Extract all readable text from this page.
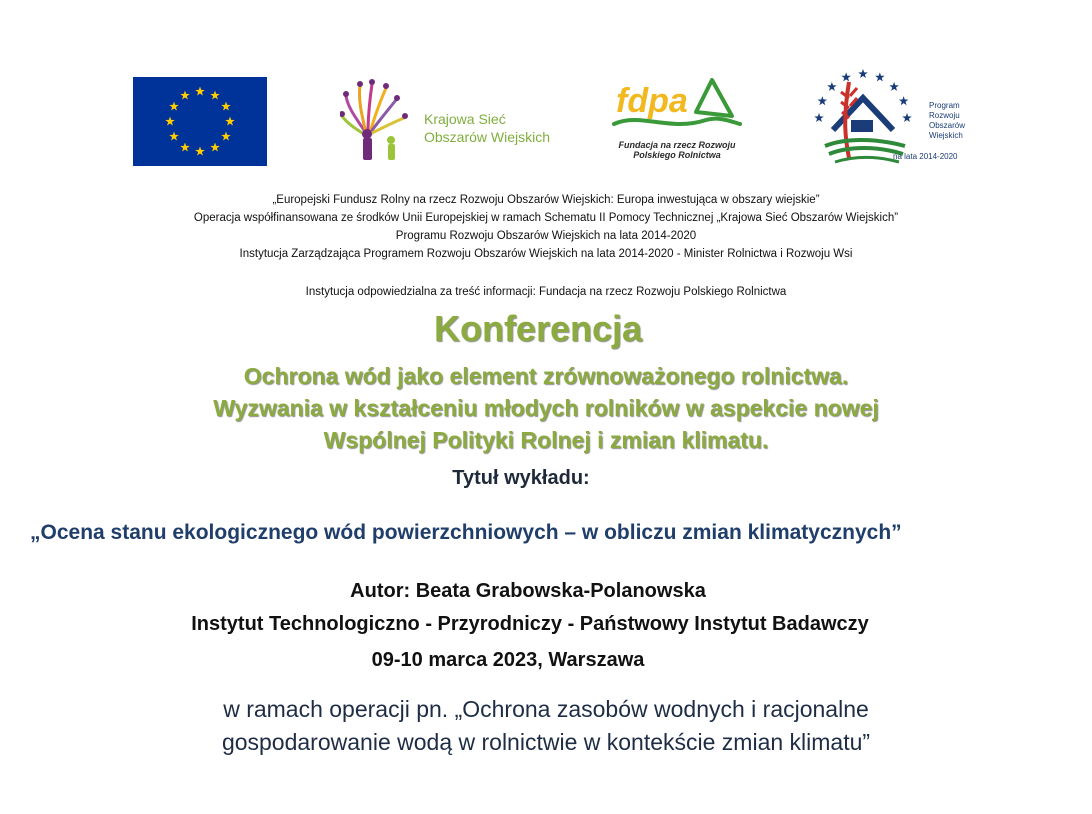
Krajowa Sieć
Obszarów Wiejskich
fdpa
Fundacja na rzecz Rozwoju
Polskiego Rolnictwa
Program
Rozwoju
Obszarów
Wiejskich
na lata 2014-2020
„Europejski Fundusz Rolny na rzecz Rozwoju Obszarów Wiejskich: Europa inwestująca w obszary wiejskie”
Operacja współfinansowana ze środków Unii Europejskiej w ramach Schematu II Pomocy Technicznej „Krajowa Sieć Obszarów Wiejskich”
Programu Rozwoju Obszarów Wiejskich na lata 2014-2020
Instytucja Zarządzająca Programem Rozwoju Obszarów Wiejskich na lata 2014-2020 - Minister Rolnictwa i Rozwoju Wsi
Instytucja odpowiedzialna za treść informacji: Fundacja na rzecz Rozwoju Polskiego Rolnictwa
Konferencja
Ochrona wód jako element zrównoważonego rolnictwa.
Wyzwania w kształceniu młodych rolników w aspekcie nowej
Wspólnej Polityki Rolnej i zmian klimatu.
Tytuł wykładu:
„Ocena stanu ekologicznego wód powierzchniowych – w obliczu zmian klimatycznych”
Autor: Beata Grabowska-Polanowska
Instytut Technologiczno - Przyrodniczy - Państwowy Instytut Badawczy
09-10 marca 2023, Warszawa
w ramach operacji pn. „Ochrona zasobów wodnych i racjonalne
gospodarowanie wodą w rolnictwie w kontekście zmian klimatu”
